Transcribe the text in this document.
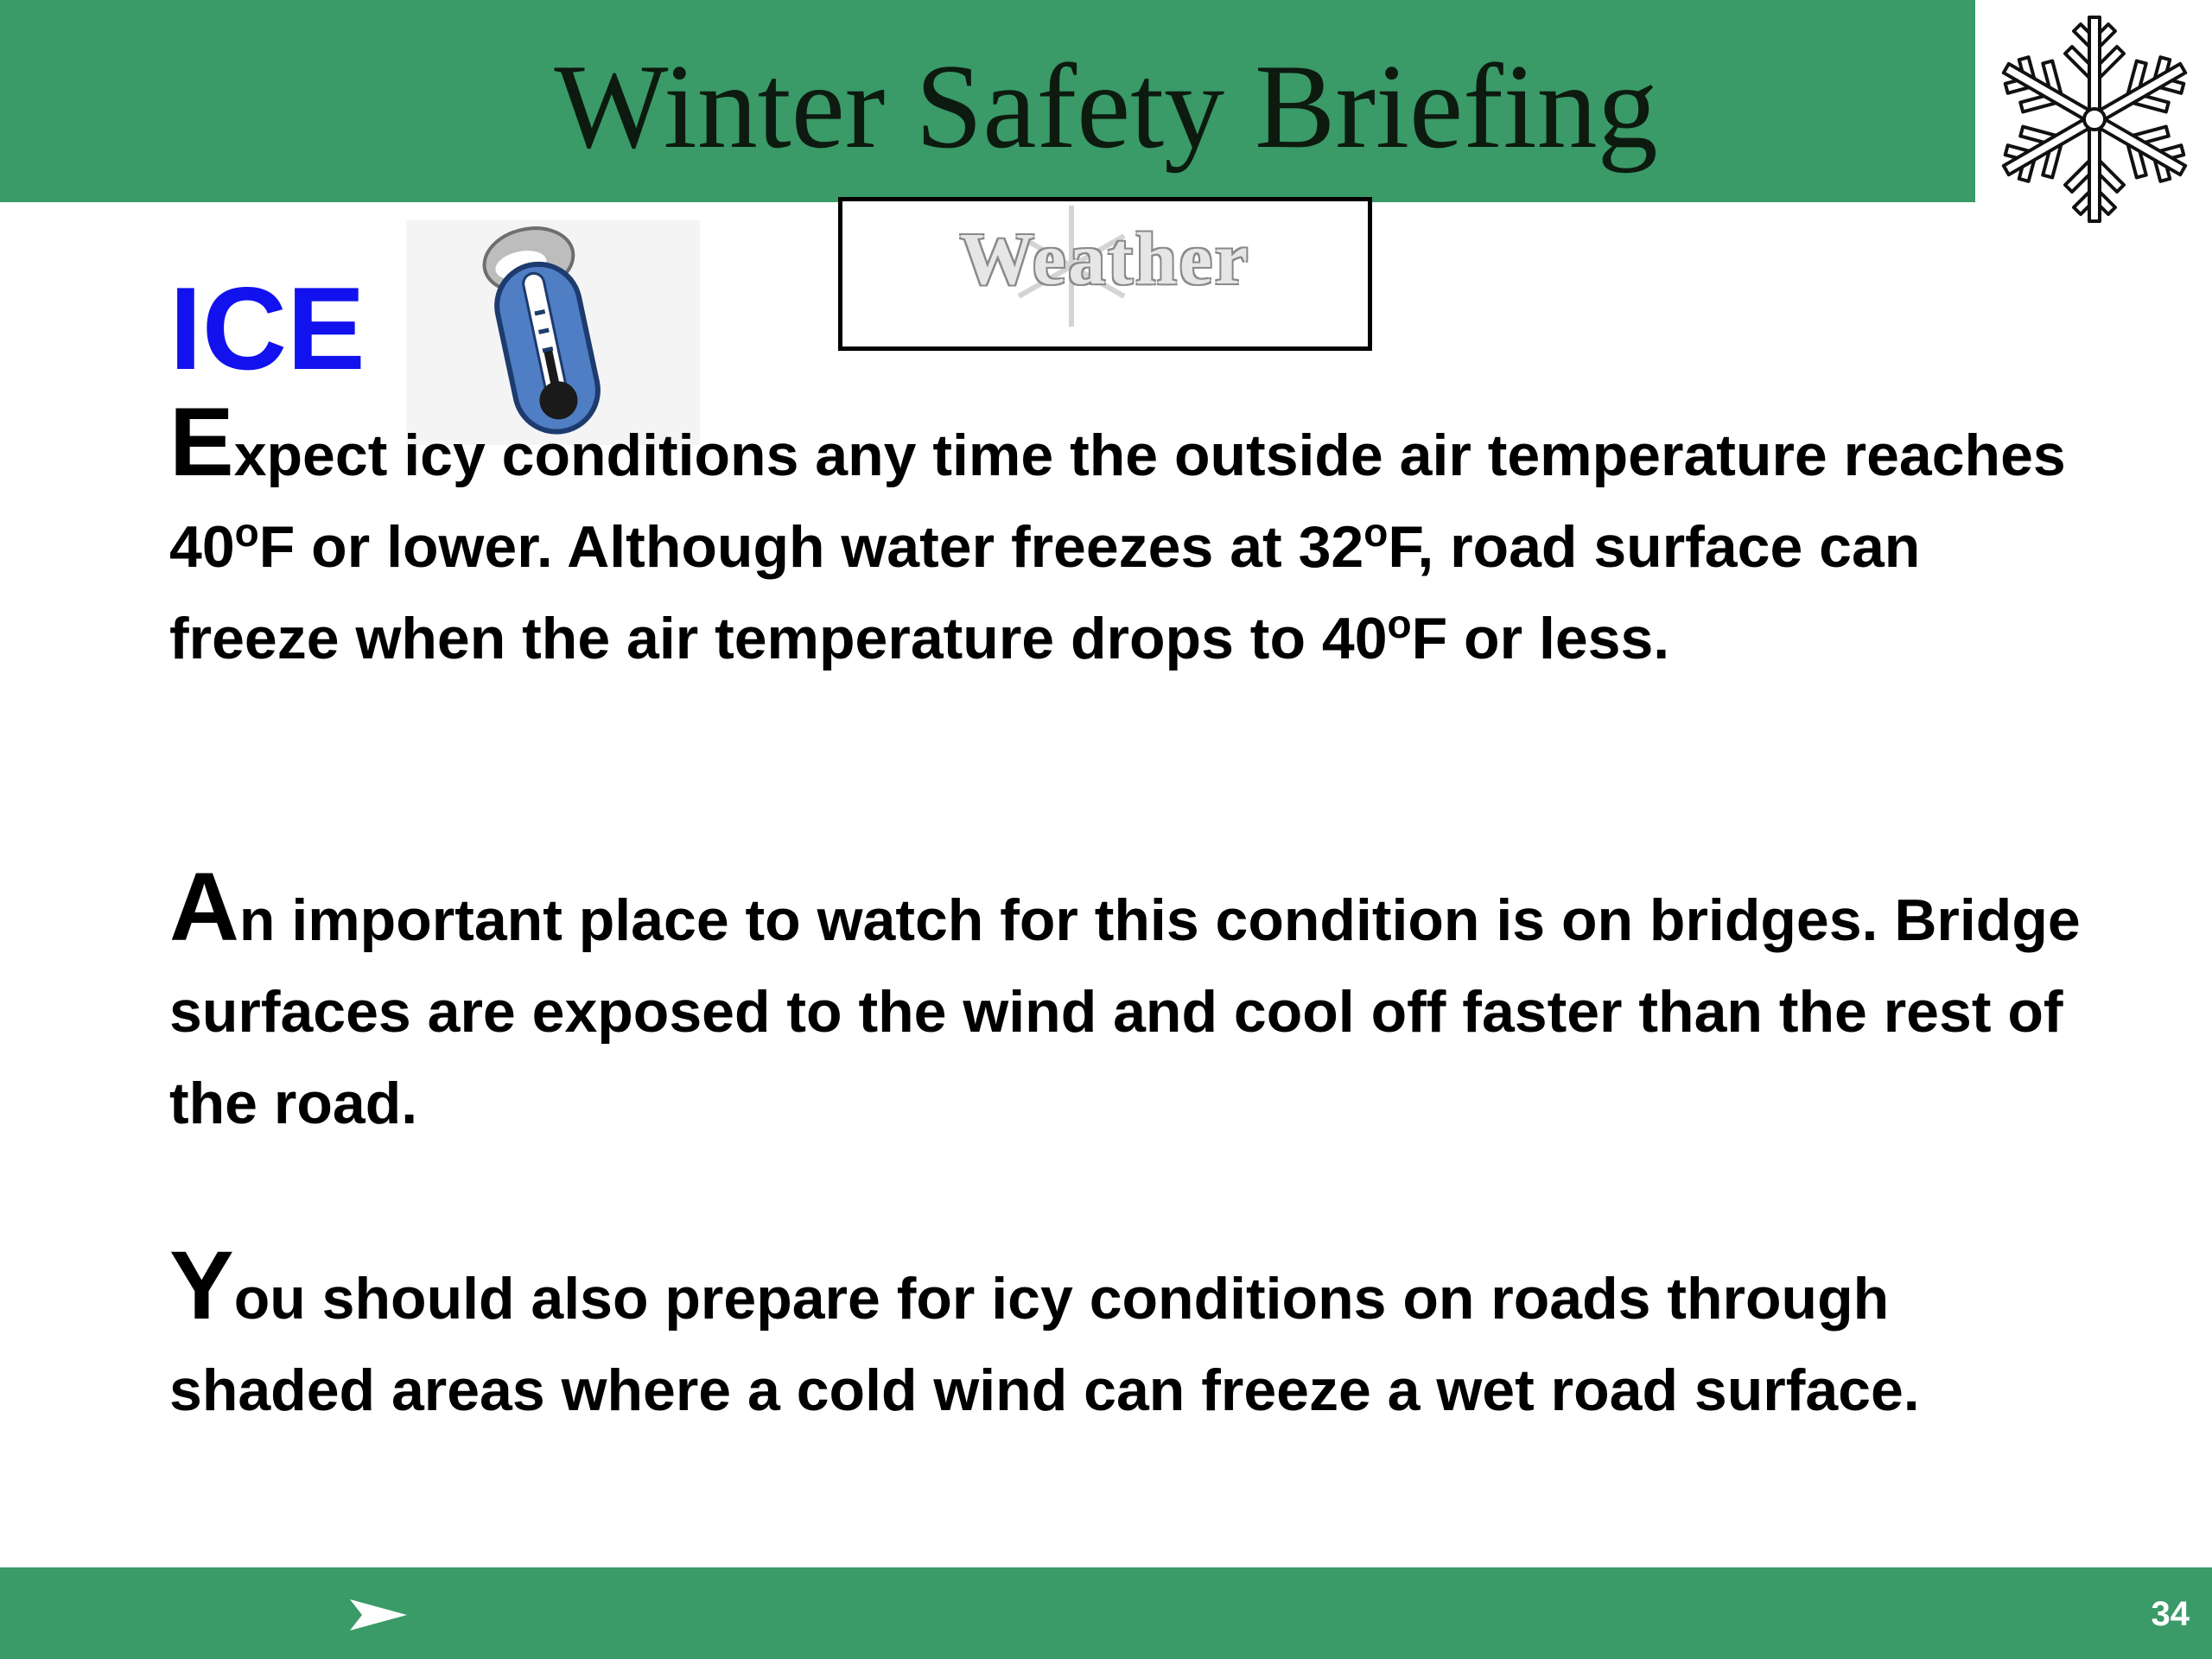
Winter Safety Briefing
Weather
ICE

Expect icy conditions any time the outside air temperature reaches 40$^o$F or lower. Although water freezes at 32$^o$F, road surface can freeze when the air temperature drops to 40$^o$F or less.

An important place to watch for this condition is on bridges. Bridge surfaces are exposed to the wind and cool off faster than the rest of the road.

You should also prepare for icy conditions on roads through shaded areas where a cold wind can freeze a wet road surface.

34
